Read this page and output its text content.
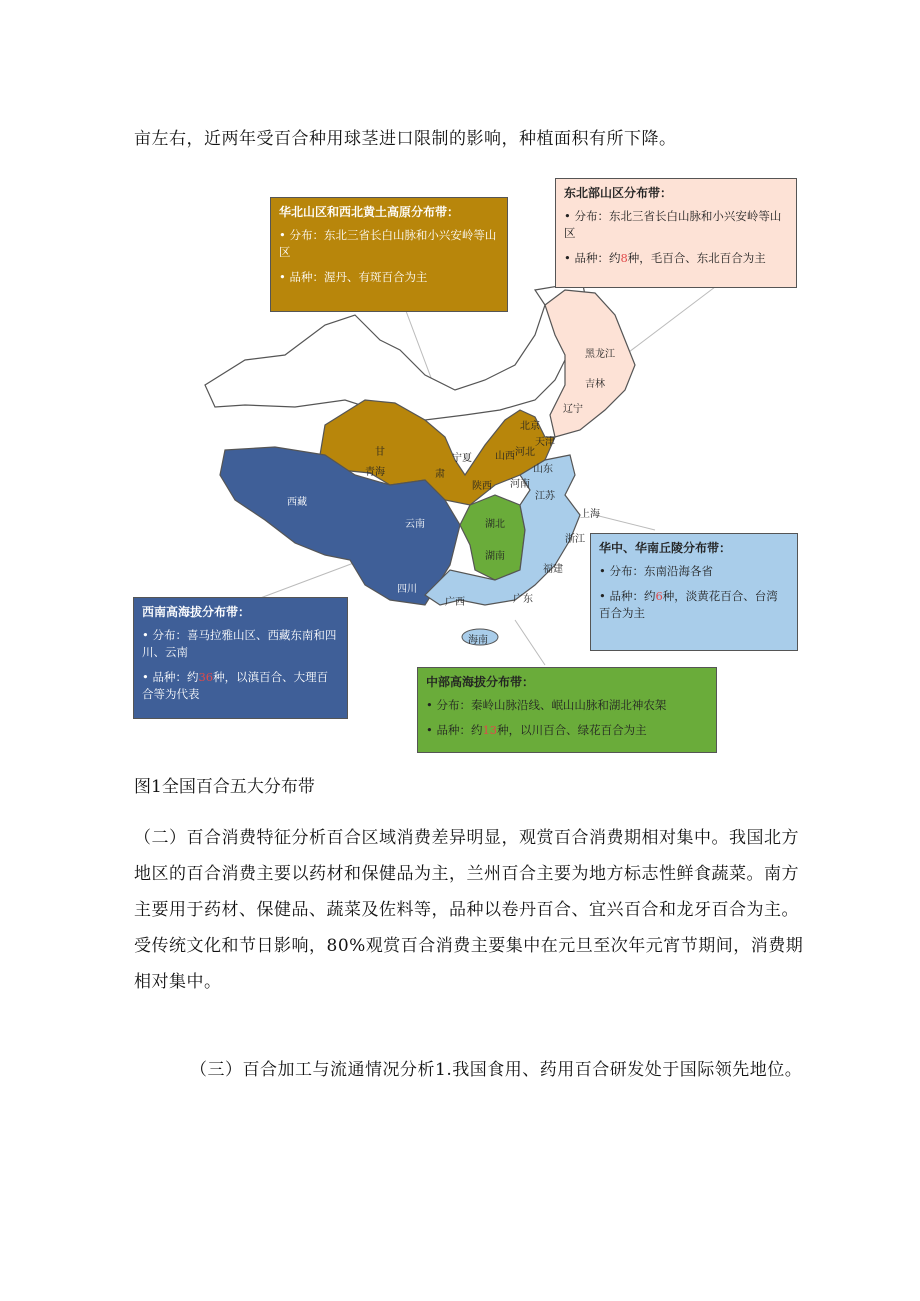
亩左右，近两年受百合种用球茎进口限制的影响，种植面积有所下降。

黑龙江
吉林
辽宁
北京
天津
河北
山西
甘
肃
宁夏
青海
陕西 河南
山东
江苏
上海
浙江
福建
湖北
湖南
广西	广东
海南
西藏
云南
四川
华北山区和西北黄土高原分布带：

• 分布：东北三省长白山脉和小兴安岭等山区

• 品种：渥丹、有斑百合为主

东北部山区分布带：

• 分布：东北三省长白山脉和小兴安岭等山区

• 品种：约8种，毛百合、东北百合为主

华中、华南丘陵分布带：

• 分布：东南沿海各省

• 品种：约6种，淡黄花百合、台湾百合为主

西南高海拔分布带：

• 分布：喜马拉雅山区、西藏东南和四川、云南

• 品种：约36种，以滇百合、大理百合等为代表

中部高海拔分布带：

• 分布：秦岭山脉沿线、岷山山脉和湖北神农架

• 品种：约13种，以川百合、绿花百合为主

图1全国百合五大分布带

（二）百合消费特征分析百合区域消费差异明显，观赏百合消费期相对集中。我国北方地区的百合消费主要以药材和保健品为主，兰州百合主要为地方标志性鲜食蔬菜。南方主要用于药材、保健品、蔬菜及佐料等，品种以卷丹百合、宜兴百合和龙牙百合为主。受传统文化和节日影响，80%观赏百合消费主要集中在元旦至次年元宵节期间，消费期相对集中。

（三）百合加工与流通情况分析1.我国食用、药用百合研发处于国际领先地位。
